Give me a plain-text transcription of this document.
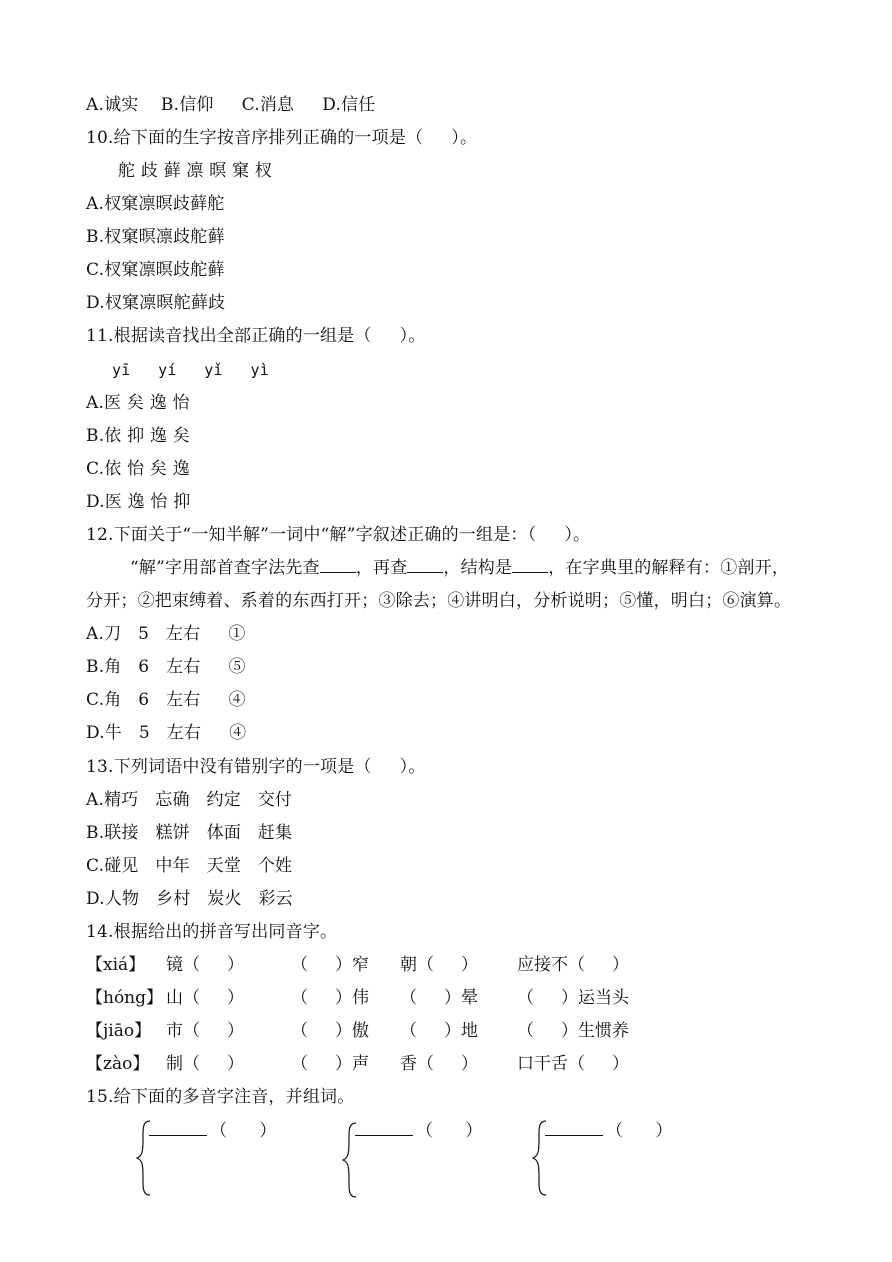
A.诚实    B.信仰     C.消息     D.信任
10.给下面的生字按音序排列正确的一项是（     ）。
舵 歧 藓 凛 暝 窠 杈
A.杈窠凛暝歧藓舵
B.杈窠暝凛歧舵藓
C.杈窠凛暝歧舵藓
D.杈窠凛暝舵藓歧
11.根据读音找出全部正确的一组是（     ）。
yī   yí   yǐ   yì
A.医 矣 逸 怡
B.依 抑 逸 矣
C.依 怡 矣 逸
D.医 逸 怡 抑
12.下面关于“一知半解”一词中“解”字叙述正确的一组是：（     ）。
“解”字用部首查字法先查 ，再查 ，结构是 ，在字典里的解释有：①剖开，
分开；②把束缚着、系着的东西打开；③除去；④讲明白，分析说明；⑤懂，明白；⑥演算。
A.刀   5   左右     ①
B.角   6   左右     ⑤
C.角   6   左右     ④
D.牛   5   左右     ④
13.下列词语中没有错别字的一项是（     ）。
A.精巧   忘确   约定   交付
B.联接   糕饼   体面   赶集
C.碰见   中年   天堂   个姓
D.人物   乡村   炭火   彩云
14.根据给出的拼音写出同音字。
【xiá】 镜（     ）	（     ）窄 朝（     ） 应接不（     ）
【hóng】 山（     ）	（     ）伟 （     ）晕 （     ）运当头
【jiāo】 市（     ）	（     ）傲 （     ）地 （     ）生惯养
【zào】 制（     ）	（     ）声 香（     ） 口干舌（     ）
15.给下面的多音字注音，并组词。
（      ）	（      ）	（      ）
